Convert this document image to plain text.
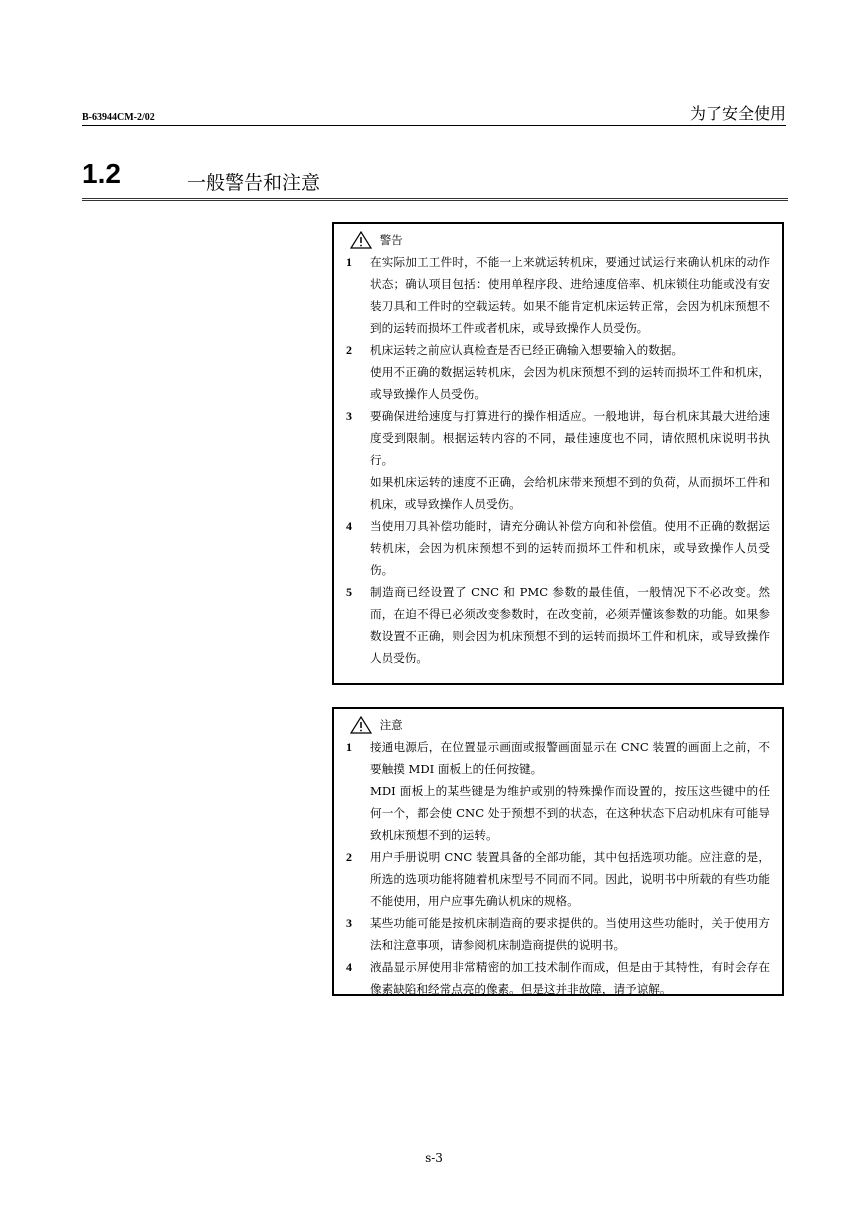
B-63944CM-2/02	为了安全使用
1.2	一般警告和注意
警告
1 在实际加工工件时，不能一上来就运转机床，要通过试运行来确认机床的动作状态；确认项目包括：使用单程序段、进给速度倍率、机床锁住功能或没有安装刀具和工件时的空载运转。如果不能肯定机床运转正常，会因为机床预想不到的运转而损坏工件或者机床，或导致操作人员受伤。
2 机床运转之前应认真检查是否已经正确输入想要输入的数据。
使用不正确的数据运转机床，会因为机床预想不到的运转而损坏工件和机床，或导致操作人员受伤。
3 要确保进给速度与打算进行的操作相适应。一般地讲，每台机床其最大进给速度受到限制。根据运转内容的不同，最佳速度也不同，请依照机床说明书执行。
如果机床运转的速度不正确，会给机床带来预想不到的负荷，从而损坏工件和机床，或导致操作人员受伤。
4 当使用刀具补偿功能时，请充分确认补偿方向和补偿值。使用不正确的数据运转机床，会因为机床预想不到的运转而损坏工件和机床，或导致操作人员受伤。
5 制造商已经设置了 CNC 和 PMC 参数的最佳值，一般情况下不必改变。然而，在迫不得已必须改变参数时，在改变前，必须弄懂该参数的功能。如果参数设置不正确，则会因为机床预想不到的运转而损坏工件和机床，或导致操作人员受伤。
注意
1 接通电源后，在位置显示画面或报警画面显示在 CNC 装置的画面上之前，不要触摸 MDI 面板上的任何按键。
MDI 面板上的某些键是为维护或别的特殊操作而设置的，按压这些键中的任何一个，都会使 CNC 处于预想不到的状态，在这种状态下启动机床有可能导致机床预想不到的运转。
2 用户手册说明 CNC 装置具备的全部功能，其中包括选项功能。应注意的是，所选的选项功能将随着机床型号不同而不同。因此，说明书中所载的有些功能不能使用，用户应事先确认机床的规格。
3 某些功能可能是按机床制造商的要求提供的。当使用这些功能时，关于使用方法和注意事项，请参阅机床制造商提供的说明书。
4 液晶显示屏使用非常精密的加工技术制作而成，但是由于其特性，有时会存在像素缺陷和经常点亮的像素。但是这并非故障，请予谅解。
s-3
